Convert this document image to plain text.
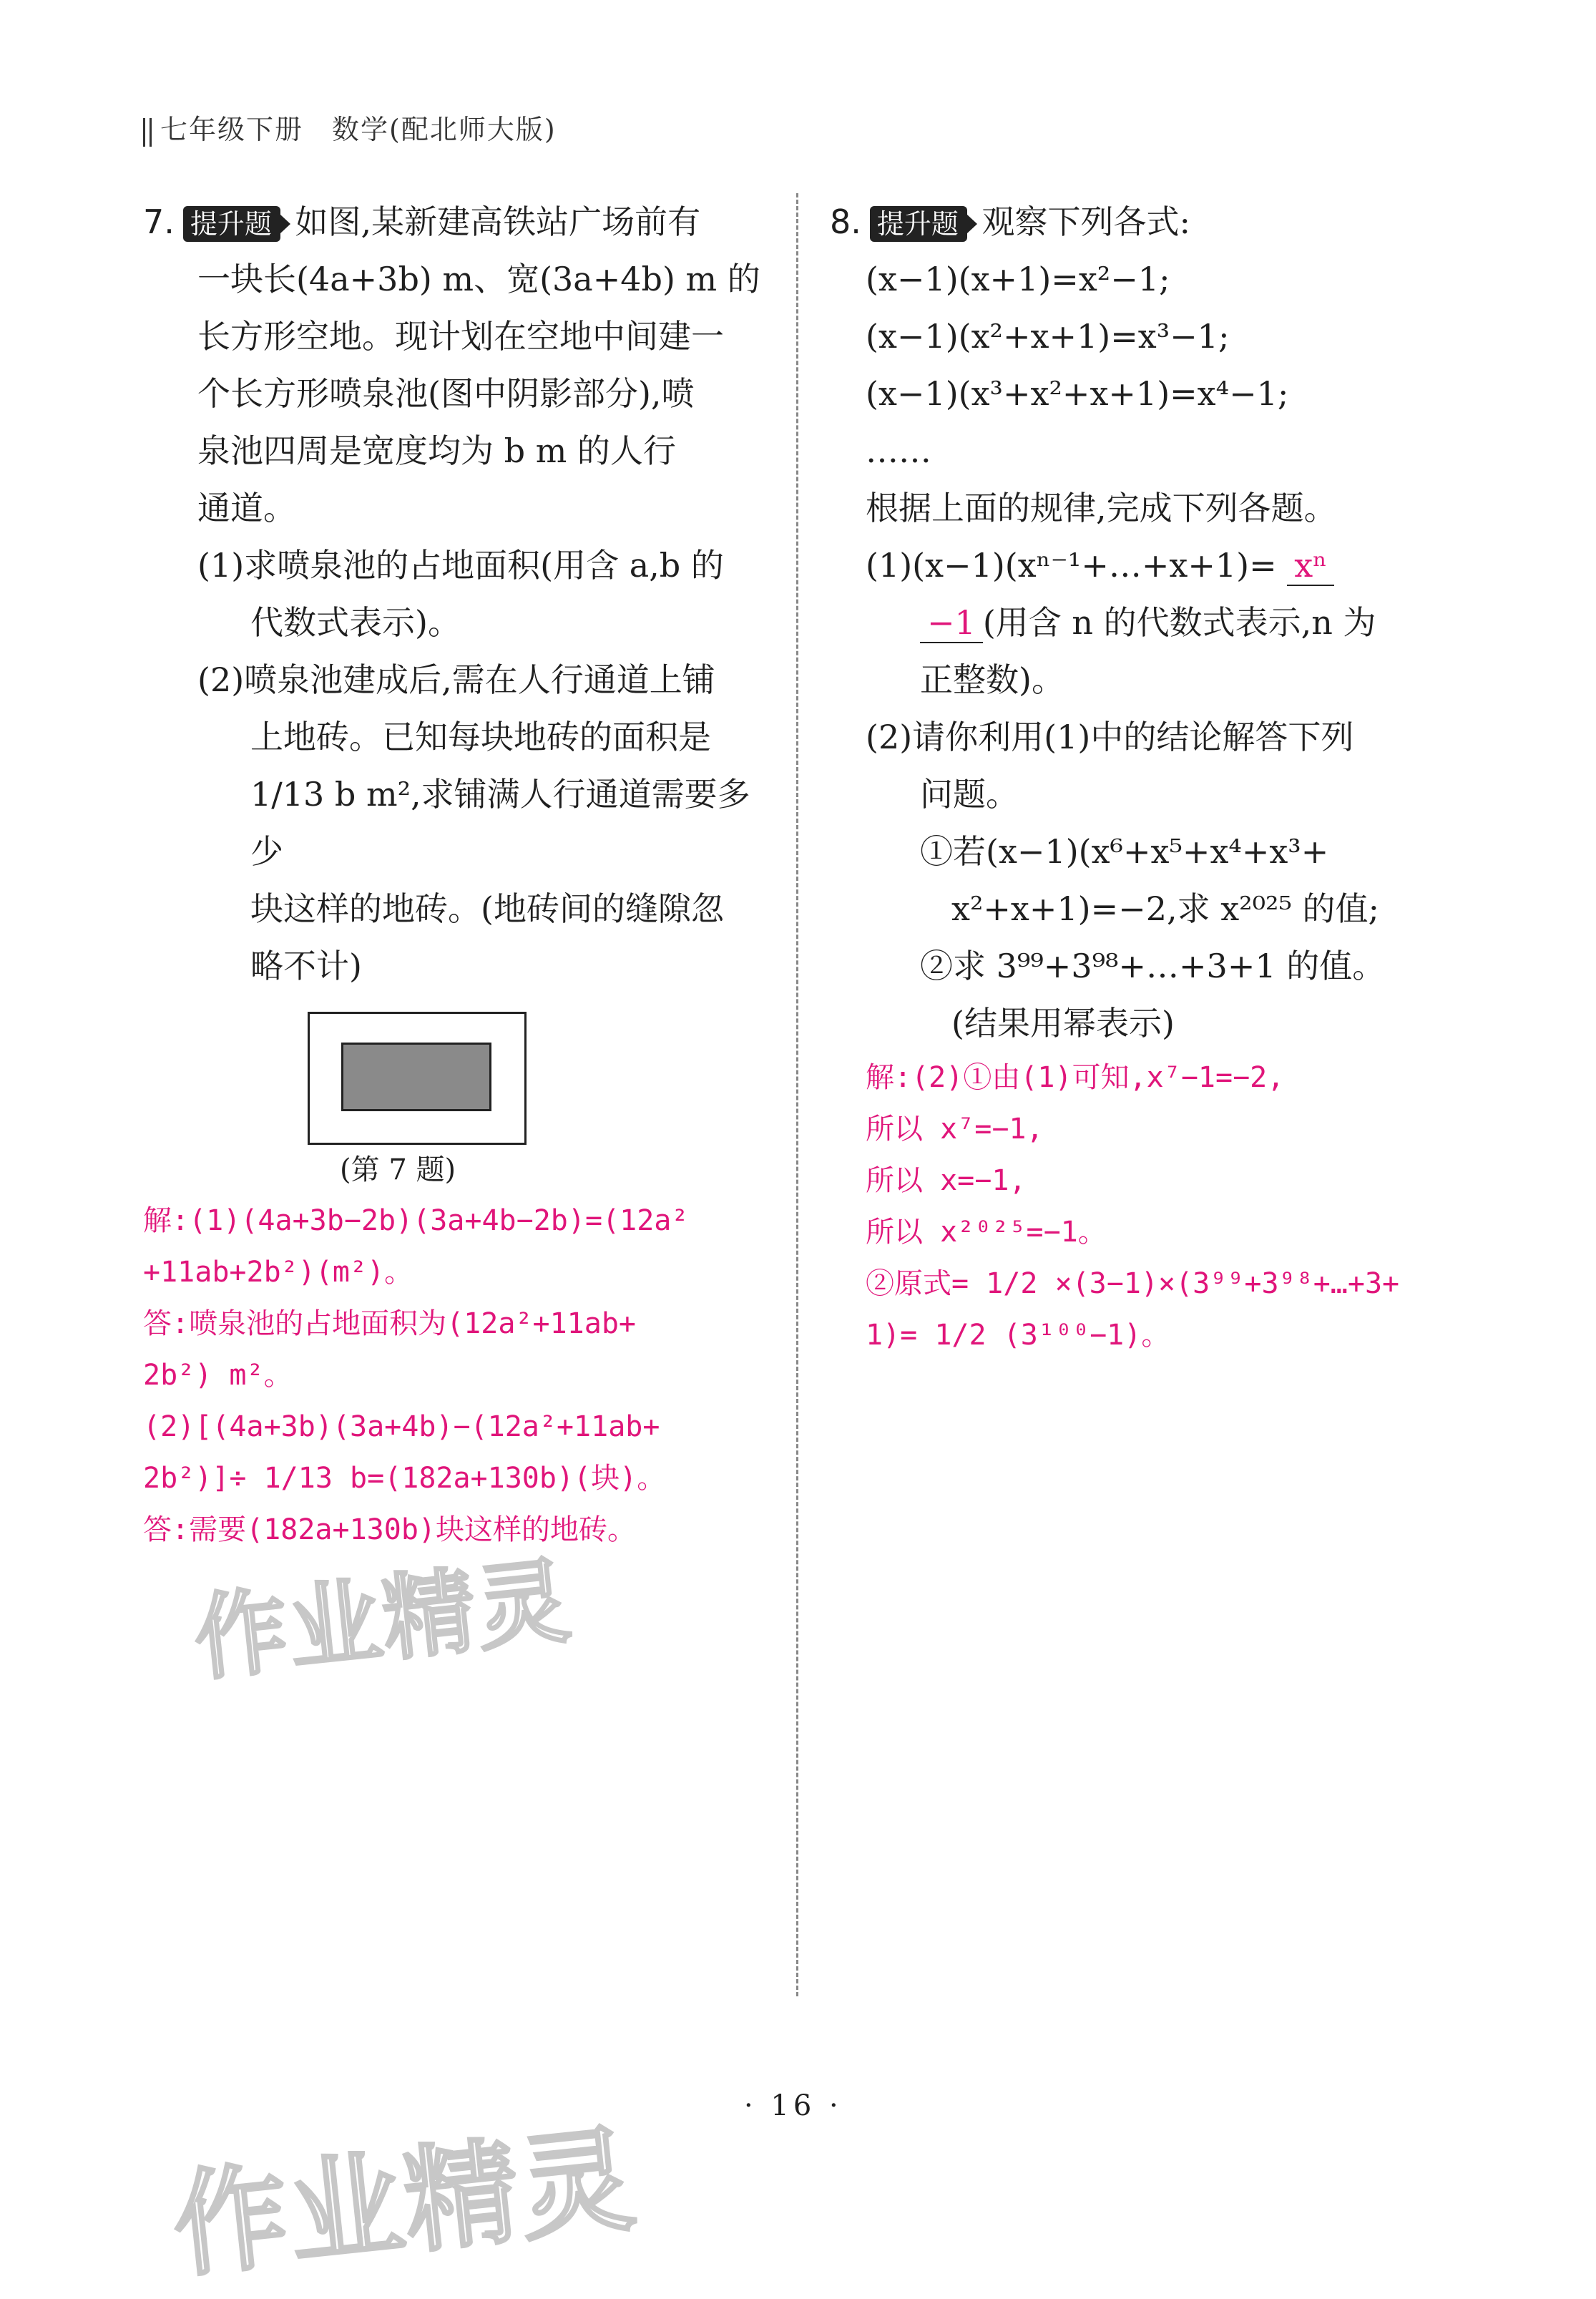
七年级下册　数学(配北师大版)

7. 提升题 如图,某新建高铁站广场前有

一块长(4a+3b) m、宽(3a+4b) m 的

长方形空地。现计划在空地中间建一

个长方形喷泉池(图中阴影部分),喷

泉池四周是宽度均为 b m 的人行

通道。

(1)求喷泉池的占地面积(用含 a,b 的

代数式表示)。

(2)喷泉池建成后,需在人行通道上铺

上地砖。已知每块地砖的面积是

1/13 b m²,求铺满人行通道需要多少

块这样的地砖。(地砖间的缝隙忽

略不计)

(第 7 题)

解:(1)(4a+3b−2b)(3a+4b−2b)=(12a²

+11ab+2b²)(m²)。

答:喷泉池的占地面积为(12a²+11ab+

2b²) m²。

(2)[(4a+3b)(3a+4b)−(12a²+11ab+

2b²)]÷ 1/13 b=(182a+130b)(块)。

答:需要(182a+130b)块这样的地砖。

8. 提升题 观察下列各式:

(x−1)(x+1)=x²−1;

(x−1)(x²+x+1)=x³−1;

(x−1)(x³+x²+x+1)=x⁴−1;

……

根据上面的规律,完成下列各题。

(1)(x−1)(xⁿ⁻¹+…+x+1)= xⁿ

−1 (用含 n 的代数式表示,n 为

正整数)。

(2)请你利用(1)中的结论解答下列

问题。

①若(x−1)(x⁶+x⁵+x⁴+x³+

x²+x+1)=−2,求 x²⁰²⁵ 的值;

②求 3⁹⁹+3⁹⁸+…+3+1 的值。

(结果用幂表示)

解:(2)①由(1)可知,x⁷−1=−2,

所以 x⁷=−1,

所以 x=−1,

所以 x²⁰²⁵=−1。

②原式= 1/2 ×(3−1)×(3⁹⁹+3⁹⁸+…+3+

1)= 1/2 (3¹⁰⁰−1)。

作业精灵
作业精灵
· 16 ·
